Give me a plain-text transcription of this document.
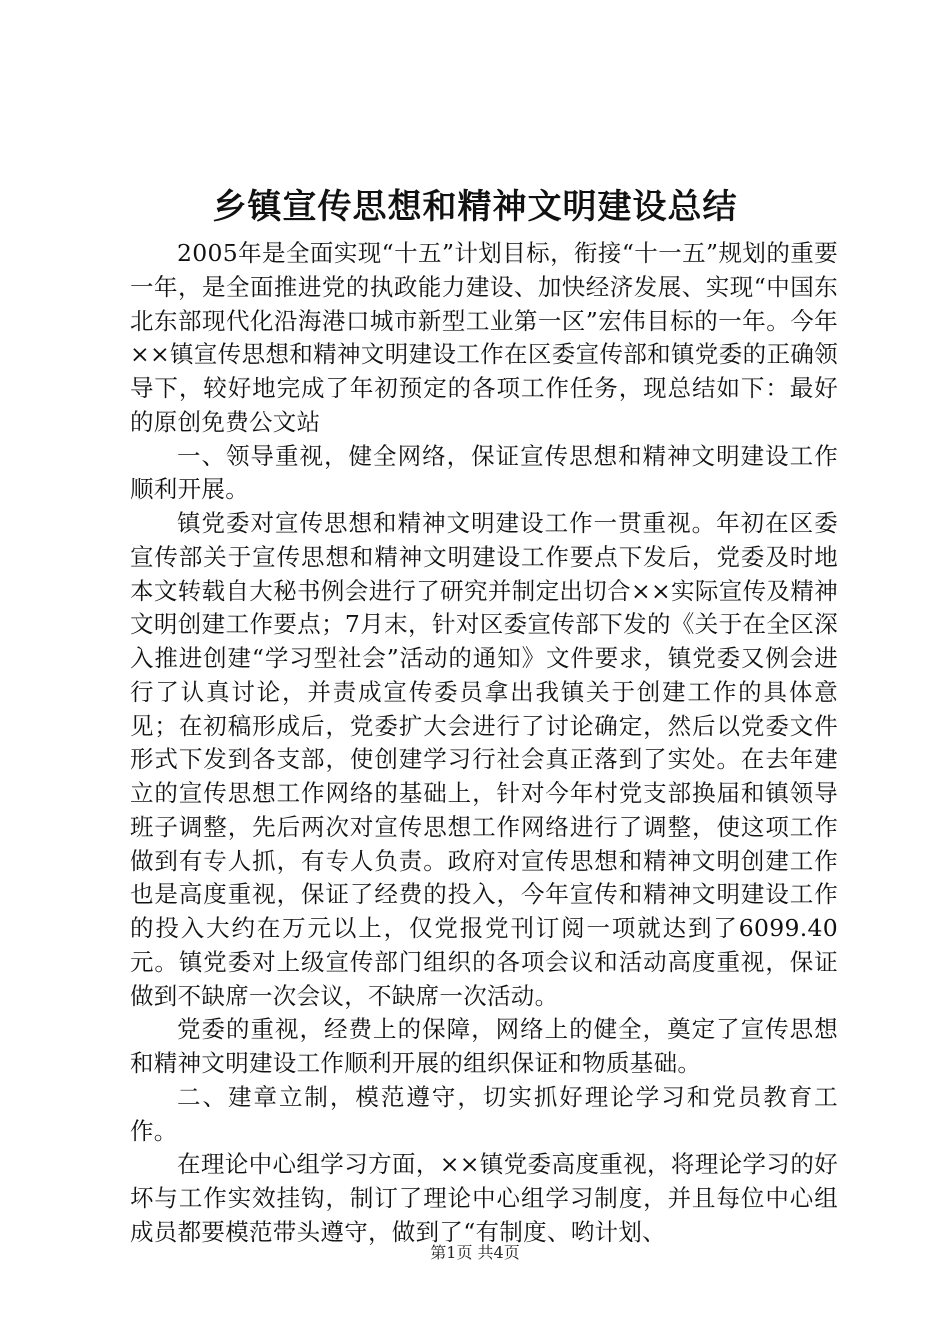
乡镇宣传思想和精神文明建设总结

2005年是全面实现“十五”计划目标，衔接“十一五”规划的重要一年，是全面推进党的执政能力建设、加快经济发展、实现“中国东北东部现代化沿海港口城市新型工业第一区”宏伟目标的一年。今年××镇宣传思想和精神文明建设工作在区委宣传部和镇党委的正确领导下，较好地完成了年初预定的各项工作任务，现总结如下：最好的原创免费公文站

一、领导重视，健全网络，保证宣传思想和精神文明建设工作顺利开展。

镇党委对宣传思想和精神文明建设工作一贯重视。年初在区委宣传部关于宣传思想和精神文明建设工作要点下发后，党委及时地本文转载自大秘书例会进行了研究并制定出切合××实际宣传及精神文明创建工作要点；7月末，针对区委宣传部下发的《关于在全区深入推进创建“学习型社会”活动的通知》文件要求，镇党委又例会进行了认真讨论，并责成宣传委员拿出我镇关于创建工作的具体意见；在初稿形成后，党委扩大会进行了讨论确定，然后以党委文件形式下发到各支部，使创建学习行社会真正落到了实处。在去年建立的宣传思想工作网络的基础上，针对今年村党支部换届和镇领导班子调整，先后两次对宣传思想工作网络进行了调整，使这项工作做到有专人抓，有专人负责。政府对宣传思想和精神文明创建工作也是高度重视，保证了经费的投入，今年宣传和精神文明建设工作的投入大约在万元以上，仅党报党刊订阅一项就达到了6099.40元。镇党委对上级宣传部门组织的各项会议和活动高度重视，保证做到不缺席一次会议，不缺席一次活动。

党委的重视，经费上的保障，网络上的健全，奠定了宣传思想和精神文明建设工作顺利开展的组织保证和物质基础。

二、建章立制，模范遵守，切实抓好理论学习和党员教育工作。

在理论中心组学习方面，××镇党委高度重视，将理论学习的好坏与工作实效挂钩，制订了理论中心组学习制度，并且每位中心组成员都要模范带头遵守，做到了“有制度、哟计划、

第1页 共4页
